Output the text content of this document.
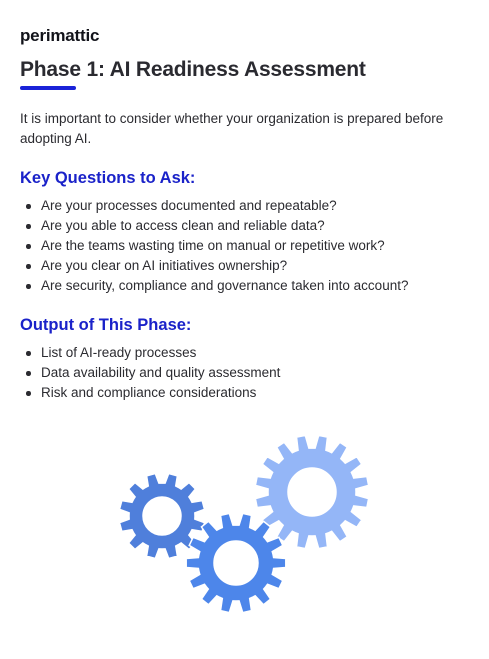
perimattic
Phase 1: AI Readiness Assessment

It is important to consider whether your organization is prepared before adopting AI.

Key Questions to Ask:
Are your processes documented and repeatable?
Are you able to access clean and reliable data?
Are the teams wasting time on manual or repetitive work?
Are you clear on AI initiatives ownership?
Are security, compliance and governance taken into account?
Output of This Phase:
List of AI-ready processes
Data availability and quality assessment
Risk and compliance considerations
